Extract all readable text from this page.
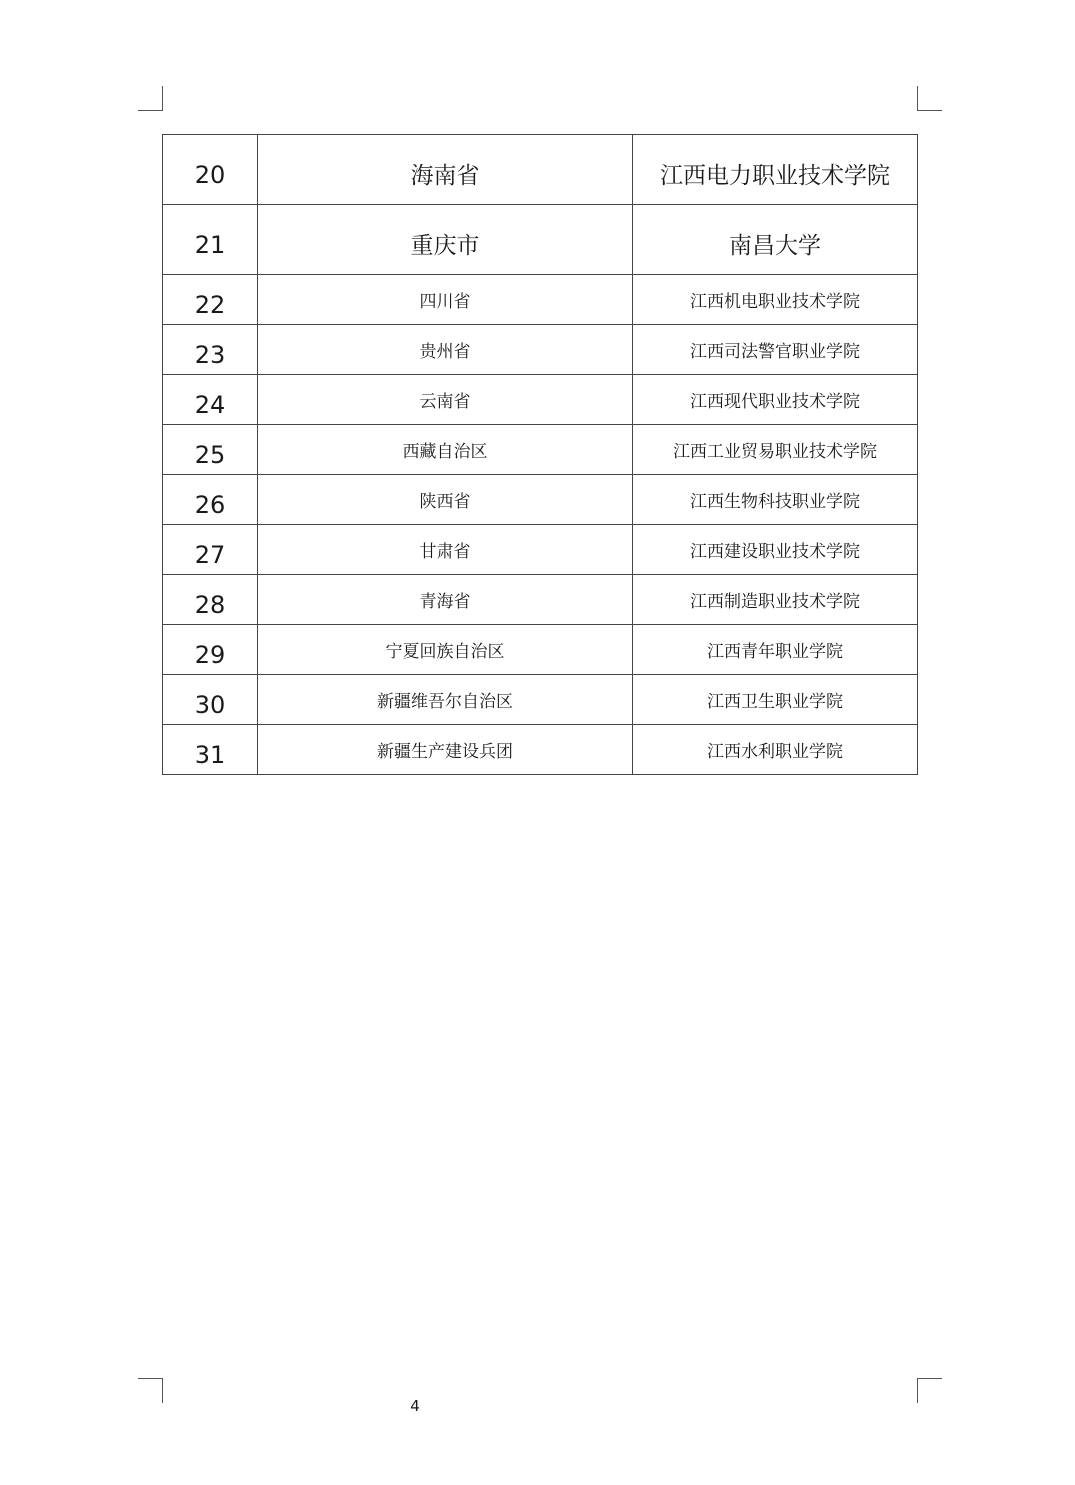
20	海南省	江西电力职业技术学院
21	重庆市	南昌大学
22	四川省	江西机电职业技术学院
23	贵州省	江西司法警官职业学院
24	云南省	江西现代职业技术学院
25	西藏自治区	江西工业贸易职业技术学院
26	陕西省	江西生物科技职业学院
27	甘肃省	江西建设职业技术学院
28	青海省	江西制造职业技术学院
29	宁夏回族自治区	江西青年职业学院
30	新疆维吾尔自治区	江西卫生职业学院
31	新疆生产建设兵团	江西水利职业学院
4
